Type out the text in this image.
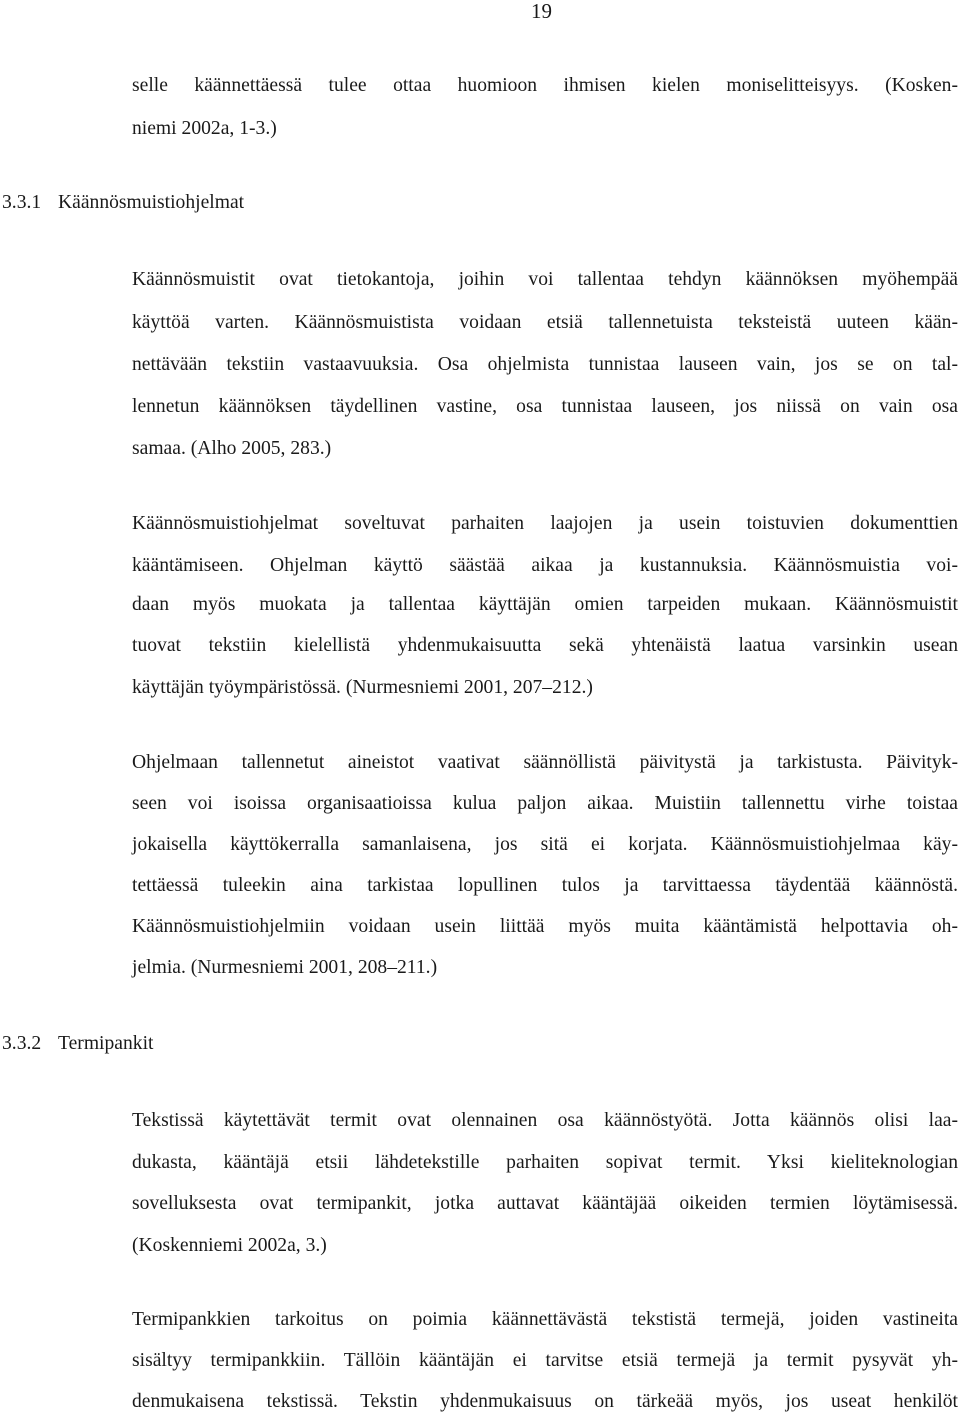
19
selle käännettäessä tulee ottaa huomioon ihmisen kielen moniselitteisyys. (Kosken-
niemi 2002a, 1-3.)
3.3.1 Käännösmuistiohjelmat
Käännösmuistit ovat tietokantoja, joihin voi tallentaa tehdyn käännöksen myöhempää
käyttöä varten. Käännösmuistista voidaan etsiä tallennetuista teksteistä uuteen kään-
nettävään tekstiin vastaavuuksia. Osa ohjelmista tunnistaa lauseen vain, jos se on tal-
lennetun käännöksen täydellinen vastine, osa tunnistaa lauseen, jos niissä on vain osa
samaa. (Alho 2005, 283.)
Käännösmuistiohjelmat soveltuvat parhaiten laajojen ja usein toistuvien dokumenttien
kääntämiseen. Ohjelman käyttö säästää aikaa ja kustannuksia. Käännösmuistia voi-
daan myös muokata ja tallentaa käyttäjän omien tarpeiden mukaan. Käännösmuistit
tuovat tekstiin kielellistä yhdenmukaisuutta sekä yhtenäistä laatua varsinkin usean
käyttäjän työympäristössä. (Nurmesniemi 2001, 207–212.)
Ohjelmaan tallennetut aineistot vaativat säännöllistä päivitystä ja tarkistusta. Päivityk-
seen voi isoissa organisaatioissa kulua paljon aikaa. Muistiin tallennettu virhe toistaa
jokaisella käyttökerralla samanlaisena, jos sitä ei korjata. Käännösmuistiohjelmaa käy-
tettäessä tuleekin aina tarkistaa lopullinen tulos ja tarvittaessa täydentää käännöstä.
Käännösmuistiohjelmiin voidaan usein liittää myös muita kääntämistä helpottavia oh-
jelmia. (Nurmesniemi 2001, 208–211.)
3.3.2 Termipankit
Tekstissä käytettävät termit ovat olennainen osa käännöstyötä. Jotta käännös olisi laa-
dukasta, kääntäjä etsii lähdetekstille parhaiten sopivat termit. Yksi kieliteknologian
sovelluksesta ovat termipankit, jotka auttavat kääntäjää oikeiden termien löytämisessä.
(Koskenniemi 2002a, 3.)
Termipankkien tarkoitus on poimia käännettävästä tekstistä termejä, joiden vastineita
sisältyy termipankkiin. Tällöin kääntäjän ei tarvitse etsiä termejä ja termit pysyvät yh-
denmukaisena tekstissä. Tekstin yhdenmukaisuus on tärkeää myös, jos useat henkilöt
